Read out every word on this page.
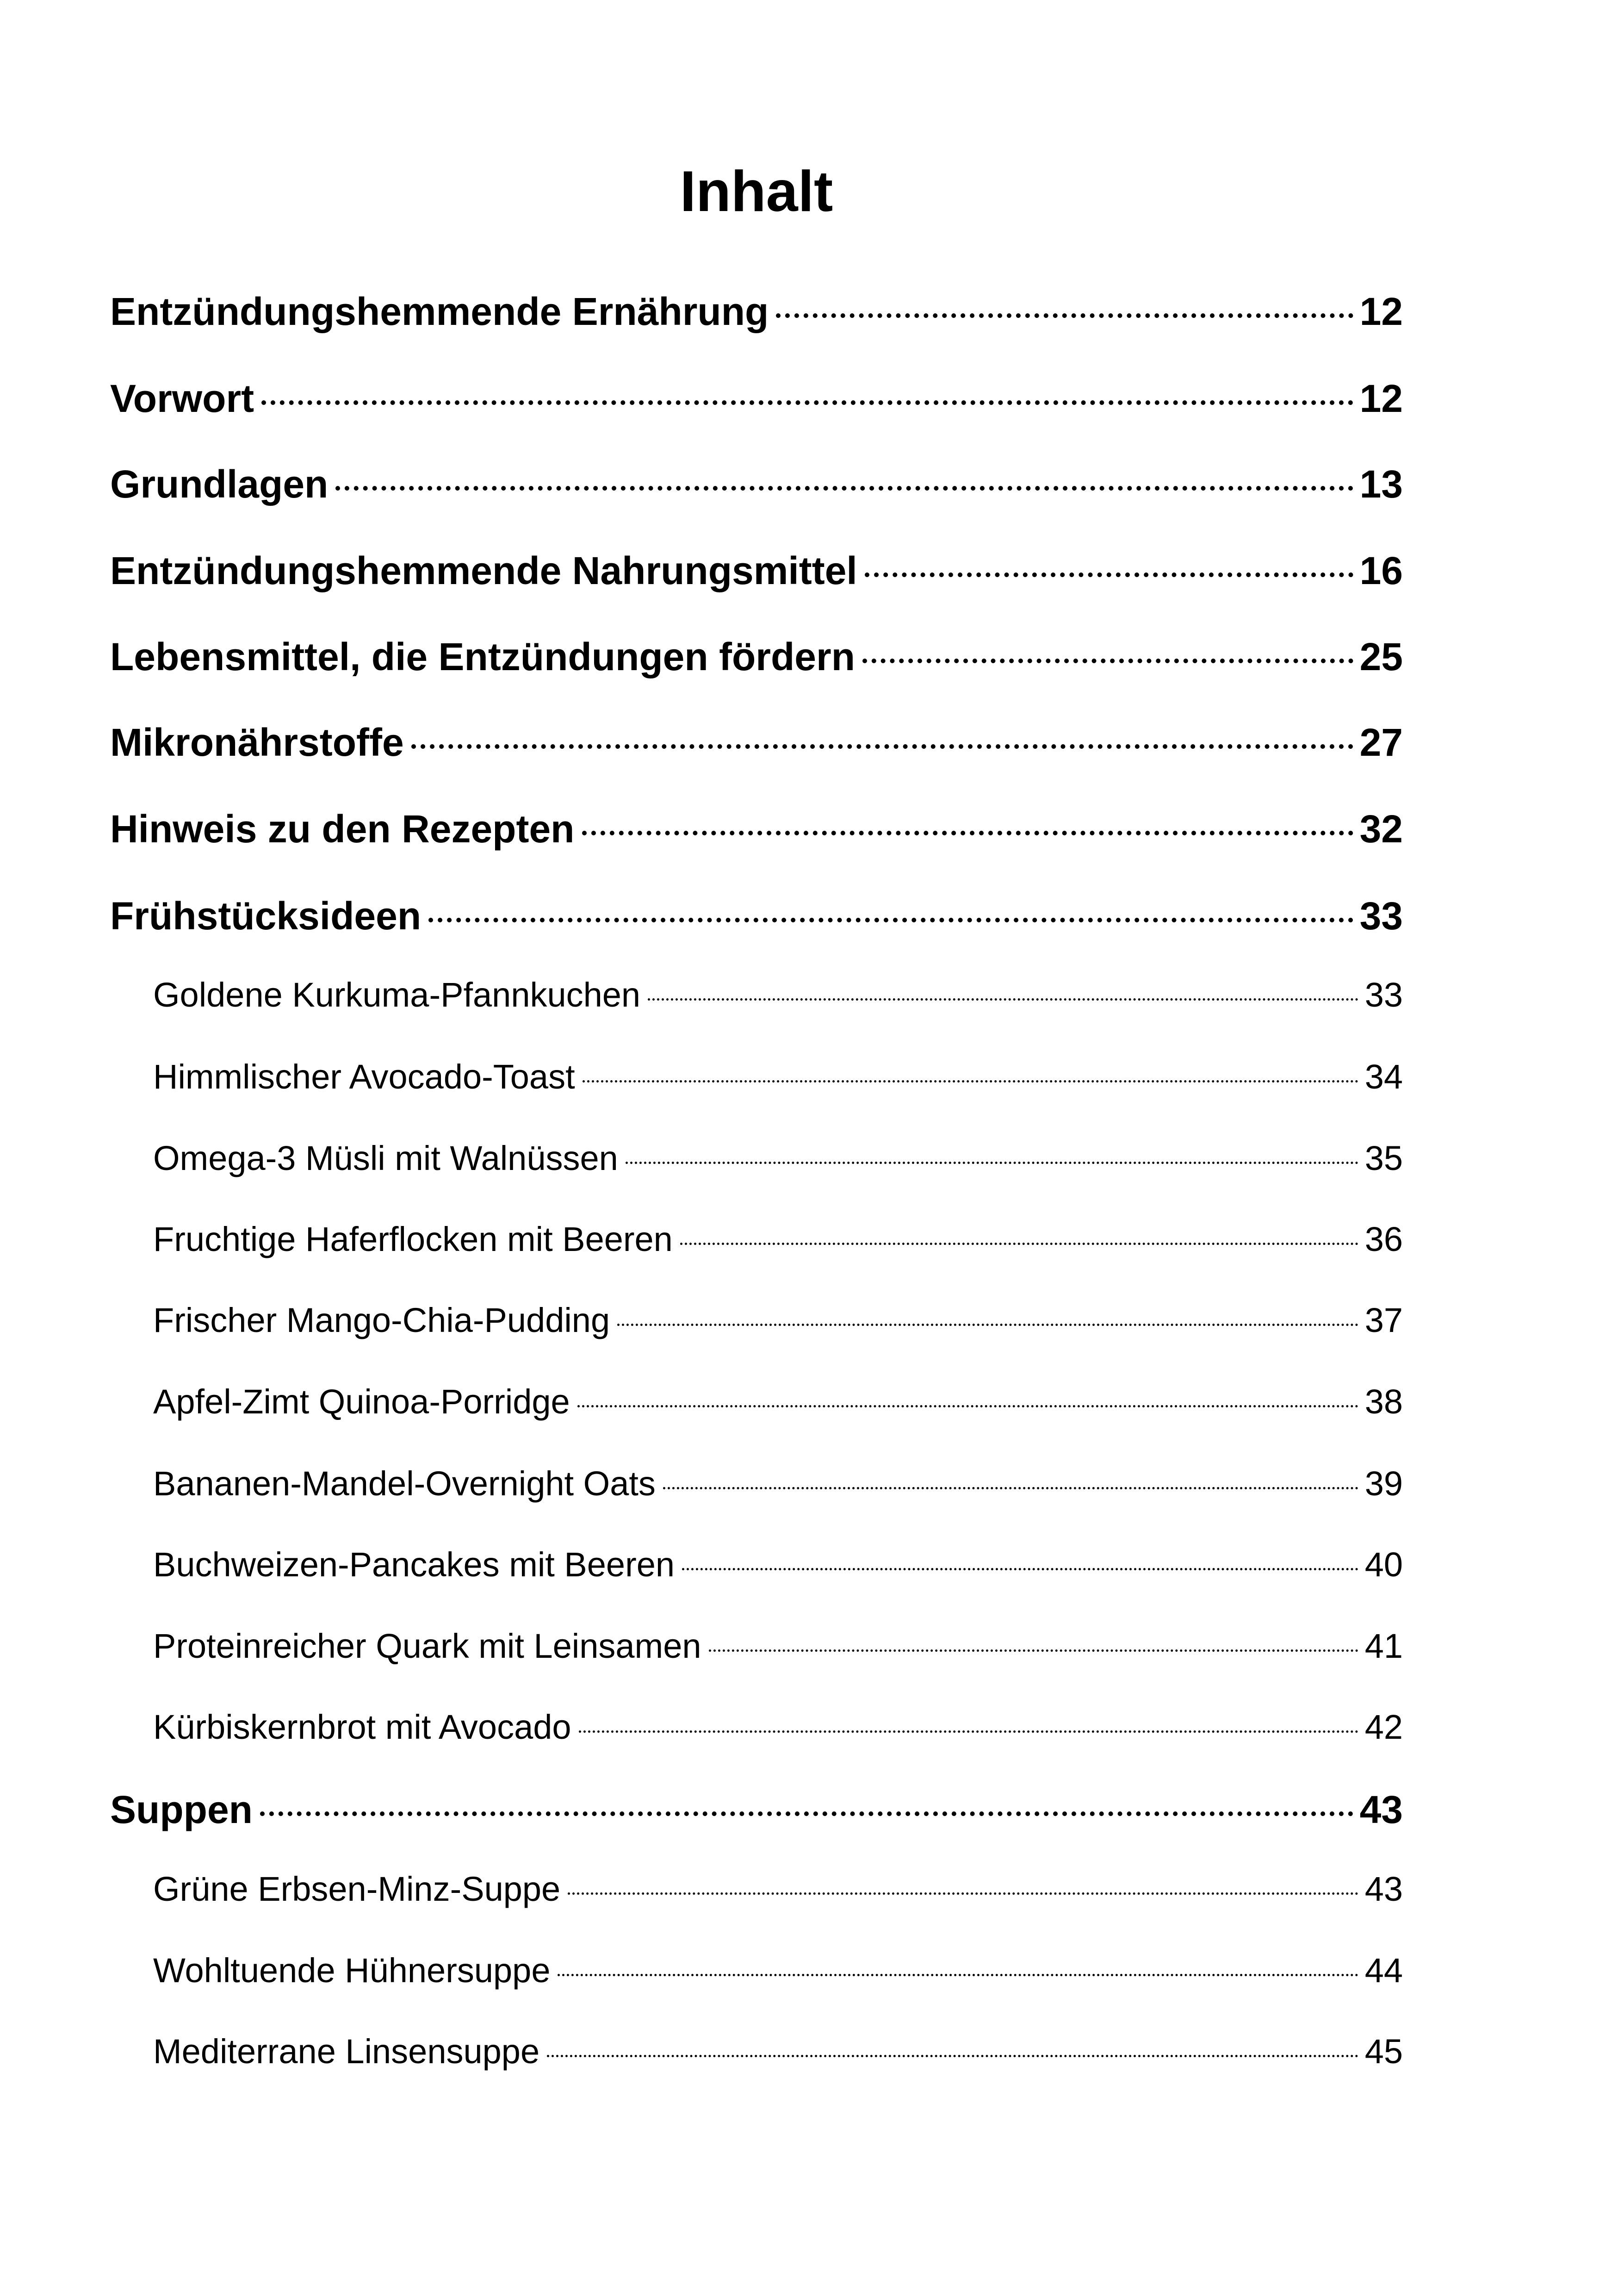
Inhalt
Entzündungshemmende Ernährung	12
Vorwort	12
Grundlagen	13
Entzündungshemmende Nahrungsmittel	16
Lebensmittel, die Entzündungen fördern	25
Mikronährstoffe	27
Hinweis zu den Rezepten	32
Frühstücksideen	33
Goldene Kurkuma-Pfannkuchen	33
Himmlischer Avocado-Toast	34
Omega-3 Müsli mit Walnüssen	35
Fruchtige Haferflocken mit Beeren	36
Frischer Mango-Chia-Pudding	37
Apfel-Zimt Quinoa-Porridge	38
Bananen-Mandel-Overnight Oats	39
Buchweizen-Pancakes mit Beeren	40
Proteinreicher Quark mit Leinsamen	41
Kürbiskernbrot mit Avocado	42
Suppen	43
Grüne Erbsen-Minz-Suppe	43
Wohltuende Hühnersuppe	44
Mediterrane Linsensuppe	45
